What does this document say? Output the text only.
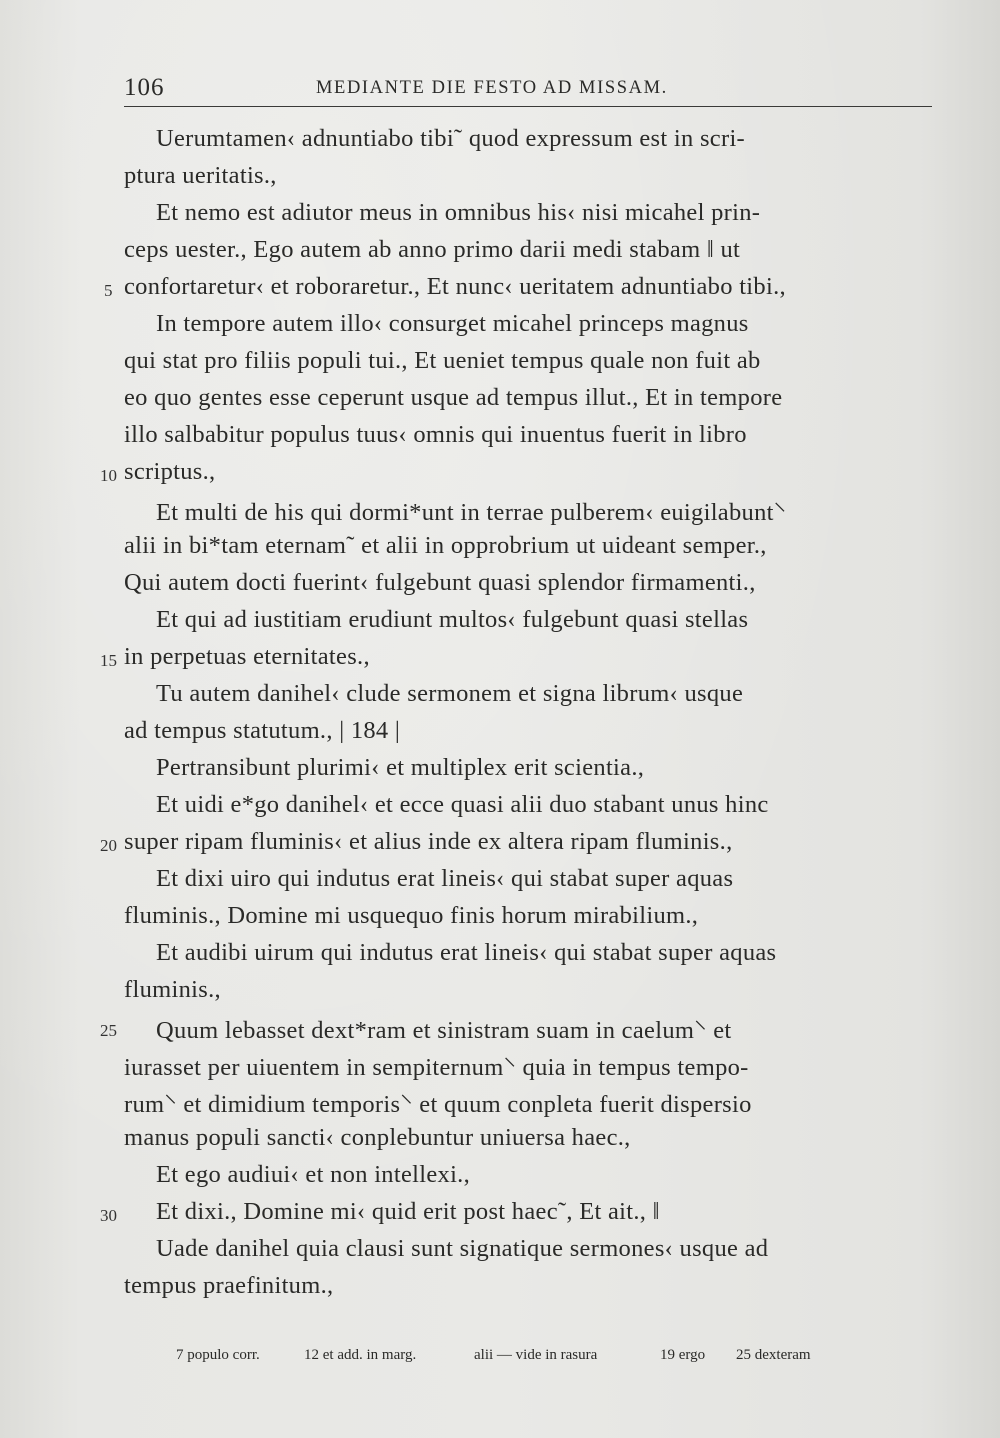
106	MEDIANTE DIE FESTO AD MISSAM.
Uerumtamen‹ adnuntiabo tibi˜ quod expressum est in scri-
ptura ueritatis.,
Et nemo est adiutor meus in omnibus his‹ nisi micahel prin-
ceps uester., Ego autem ab anno primo darii medi stabam ‖ ut
confortaretur‹ et roboraretur., Et nunc‹ ueritatem adnuntiabo tibi.,
In tempore autem illo‹ consurget micahel princeps magnus
qui stat pro filiis populi tui., Et ueniet tempus quale non fuit ab
eo quo gentes esse ceperunt usque ad tempus illut., Et in tempore
illo salbabitur populus tuus‹ omnis qui inuentus fuerit in libro
scriptus.,
Et multi de his qui dormi*unt in terrae pulberem‹ euigilabunt⸌
alii in bi*tam eternam˜ et alii in opprobrium ut uideant semper.,
Qui autem docti fuerint‹ fulgebunt quasi splendor firmamenti.,
Et qui ad iustitiam erudiunt multos‹ fulgebunt quasi stellas
in perpetuas eternitates.,
Tu autem danihel‹ clude sermonem et signa librum‹ usque
ad tempus statutum., | 184 |
Pertransibunt plurimi‹ et multiplex erit scientia.,
Et uidi e*go danihel‹ et ecce quasi alii duo stabant unus hinc
super ripam fluminis‹ et alius inde ex altera ripam fluminis.,
Et dixi uiro qui indutus erat lineis‹ qui stabat super aquas
fluminis., Domine mi usquequo finis horum mirabilium.,
Et audibi uirum qui indutus erat lineis‹ qui stabat super aquas
fluminis.,
Quum lebasset dext*ram et sinistram suam in caelum⸌ et
iurasset per uiuentem in sempiternum⸌ quia in tempus tempo-
rum⸌ et dimidium temporis⸌ et quum conpleta fuerit dispersio
manus populi sancti‹ conplebuntur uniuersa haec.,
Et ego audiui‹ et non intellexi.,
Et dixi., Domine mi‹ quid erit post haec˜, Et ait., ‖
Uade danihel quia clausi sunt signatique sermones‹ usque ad
tempus praefinitum.,
5
10
15
20
25
30
7 populo corr.	12 et add. in marg.	alii — vide in rasura	19 ergo 25 dexteram
